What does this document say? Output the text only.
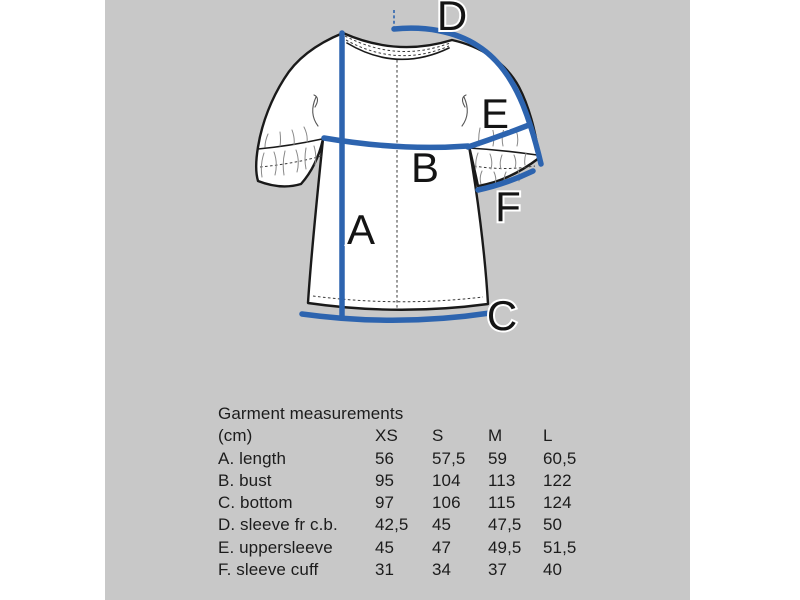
D
E
B
A	F
C
Garment measurements
(cm)	XS	S	M	L
A. length	56	57,5	59	60,5
B. bust	95	104	113	122
C. bottom	97	106	115	124
D. sleeve fr c.b.	42,5	45	47,5	50
E. uppersleeve	45	47	49,5	51,5
F. sleeve cuff	31	34	37	40
